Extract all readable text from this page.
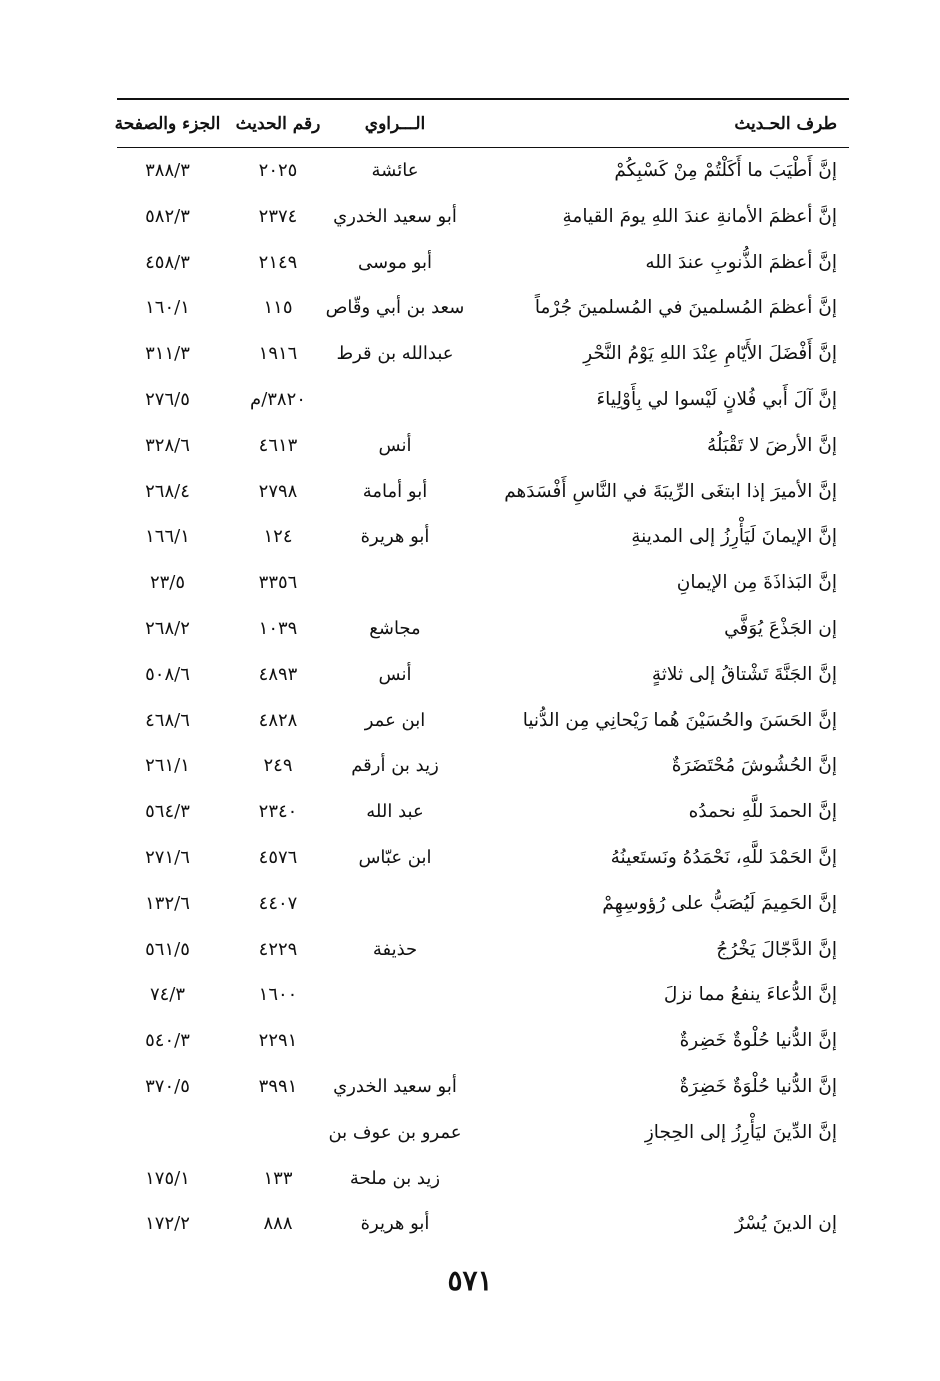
طرف الحـديث
الـــراوي
رقم الحديث
الجزء والصفحة
إنَّ أَطْيَبَ ما أَكَلْتُمْ مِنْ كَسْبِكُمْ
عائشة
٢٠٢٥
٣٨٨/٣
إنَّ أعظمَ الأمانةِ عندَ اللهِ يومَ القيامةِ
أبو سعيد الخدري
٢٣٧٤
٥٨٢/٣
إنَّ أعظمَ الذُّنوبِ عندَ الله
أبو موسى
٢١٤٩
٤٥٨/٣
إنَّ أعظمَ المُسلمينَ في المُسلمينَ جُرْماً
سعد بن أبي وقّاص
١١٥
١٦٠/١
إنَّ أَفْضَلَ الأَيّامِ عِنْدَ اللهِ يَوْمُ النَّحْرِ
عبدالله بن قرط
١٩١٦
٣١١/٣
إنَّ آلَ أَبي فُلانٍ لَيْسوا لي بِأَوْلِياءَ
٣٨٢٠/م
٢٧٦/٥
إنَّ الأرضَ لا تَقْبَلُهُ
أنس
٤٦١٣
٣٢٨/٦
إنَّ الأميرَ إذا ابتغَى الرِّيبَةَ في النَّاسِ أَفْسَدَهم
أبو أمامة
٢٧٩٨
٢٦٨/٤
إنَّ الإيمانَ لَيَأْرِزُ إلى المدينةِ
أبو هريرة
١٢٤
١٦٦/١
إنَّ البَذاذَةَ مِن الإيمانِ
٣٣٥٦
٢٣/٥
إن الجَذْعَ يُوَفَّي
مجاشع
١٠٣٩
٢٦٨/٢
إنَّ الجَنَّةَ تَشْتاقُ إلى ثلاثةٍ
أنس
٤٨٩٣
٥٠٨/٦
إنَّ الحَسَنَ والحُسَيْنَ هُما رَيْحانِي مِن الدُّنيا
ابن عمر
٤٨٢٨
٤٦٨/٦
إنَّ الحُشُوشَ مُحْتَضَرَةٌ
زيد بن أرقم
٢٤٩
٢٦١/١
إنَّ الحمدَ للَّهِ نحمدُه
عبد الله
٢٣٤٠
٥٦٤/٣
إنَّ الحَمْدَ للَّهِ، نَحْمَدُهُ ونَستَعينُهُ
ابن عبّاس
٤٥٧٦
٢٧١/٦
إنَّ الحَمِيمَ لَيُصَبُّ على رُؤوسِهِمْ
٤٤٠٧
١٣٢/٦
إنَّ الدَّجّالَ يَخْرُجُ
حذيفة
٤٢٢٩
٥٦١/٥
إنَّ الدُّعاءَ ينفعُ مما نزلَ
١٦٠٠
٧٤/٣
إنَّ الدُّنيا حُلْوةٌ خَضِرةٌ
٢٢٩١
٥٤٠/٣
إنَّ الدُّنيا حُلْوَةٌ خَضِرَةٌ
أبو سعيد الخدري
٣٩٩١
٣٧٠/٥
إنَّ الدِّينَ ليَأْرِزُ إلى الحِجازِ
عمرو بن عوف بن
زيد بن ملحة
١٣٣
١٧٥/١
إن الدينَ يُسْرٌ
أبو هريرة
٨٨٨
١٧٢/٢
٥٧١
